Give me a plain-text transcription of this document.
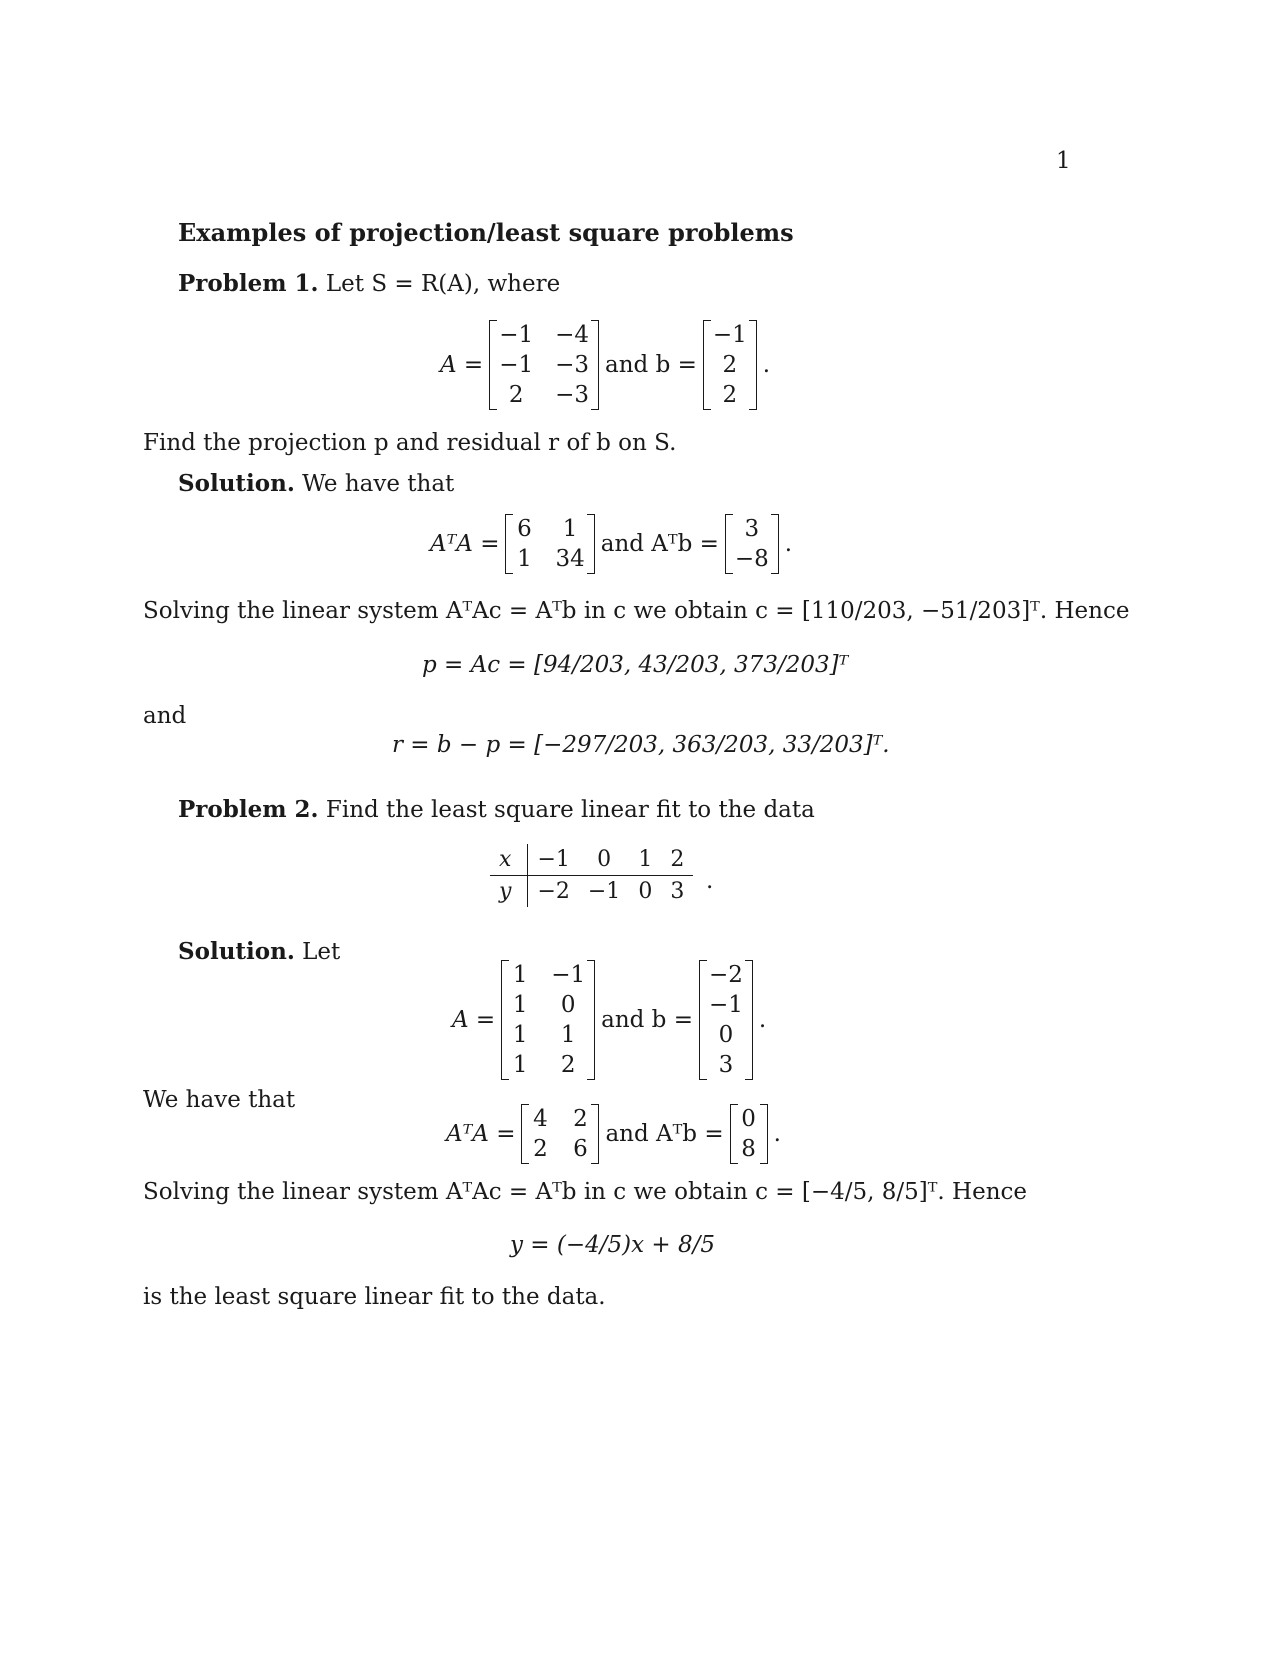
1
Examples of projection/least square problems
Problem 1. Let S = R(A), where
A =
−1 −4
−1 −3
2	−3
and b =
−1
2
2
.
Find the projection p and residual r of b on S.
Solution. We have that
AᵀA =
6	1
1 34
and Aᵀb =
3
−8
.
Solving the linear system AᵀAc = Aᵀb in c we obtain c = [110/203, −51/203]ᵀ. Hence
p = Ac = [94/203, 43/203, 373/203]ᵀ
and
r = b − p = [−297/203, 363/203, 33/203]ᵀ.
Problem 2. Find the least square linear fit to the data
x	−1	0	1	2
y	−2	−1	0	3 .
Solution. Let
A =
1 −1
1	0
1	1
1	2
and b =
−2
−1
0
3
.
We have that
AᵀA =
4 2
2 6
and Aᵀb =
0
8
.
Solving the linear system AᵀAc = Aᵀb in c we obtain c = [−4/5, 8/5]ᵀ. Hence
y = (−4/5)x + 8/5
is the least square linear fit to the data.
